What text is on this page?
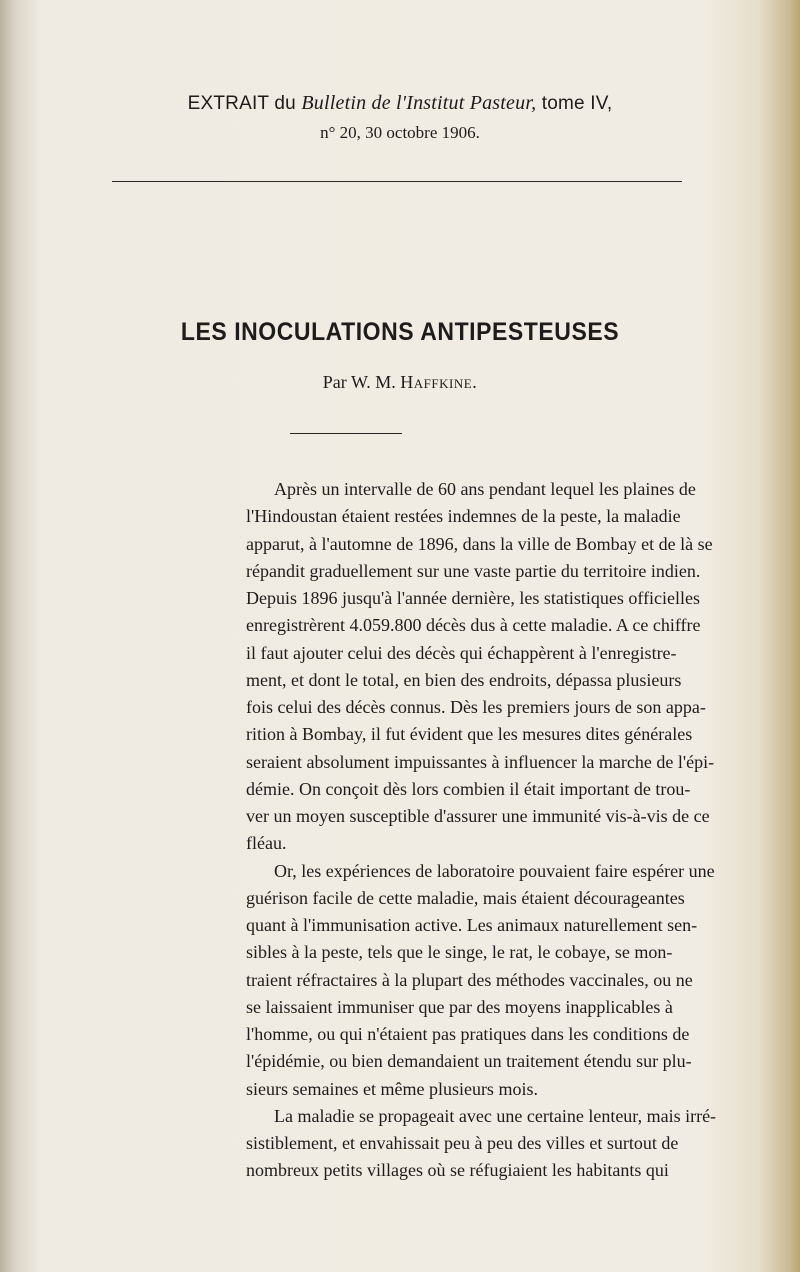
EXTRAIT du Bulletin de l'Institut Pasteur, tome IV,
n° 20, 30 octobre 1906.
LES INOCULATIONS ANTIPESTEUSES
Par W. M. Haffkine.
Après un intervalle de 60 ans pendant lequel les plaines de
l'Hindoustan étaient restées indemnes de la peste, la maladie
apparut, à l'automne de 1896, dans la ville de Bombay et de là se
répandit graduellement sur une vaste partie du territoire indien.
Depuis 1896 jusqu'à l'année dernière, les statistiques officielles
enregistrèrent 4.059.800 décès dus à cette maladie. A ce chiffre
il faut ajouter celui des décès qui échappèrent à l'enregistre-
ment, et dont le total, en bien des endroits, dépassa plusieurs
fois celui des décès connus. Dès les premiers jours de son appa-
rition à Bombay, il fut évident que les mesures dites générales
seraient absolument impuissantes à influencer la marche de l'épi-
démie. On conçoit dès lors combien il était important de trou-
ver un moyen susceptible d'assurer une immunité vis-à-vis de ce
fléau.
Or, les expériences de laboratoire pouvaient faire espérer une
guérison facile de cette maladie, mais étaient décourageantes
quant à l'immunisation active. Les animaux naturellement sen-
sibles à la peste, tels que le singe, le rat, le cobaye, se mon-
traient réfractaires à la plupart des méthodes vaccinales, ou ne
se laissaient immuniser que par des moyens inapplicables à
l'homme, ou qui n'étaient pas pratiques dans les conditions de
l'épidémie, ou bien demandaient un traitement étendu sur plu-
sieurs semaines et même plusieurs mois.
La maladie se propageait avec une certaine lenteur, mais irré-
sistiblement, et envahissait peu à peu des villes et surtout de
nombreux petits villages où se réfugiaient les habitants qui
